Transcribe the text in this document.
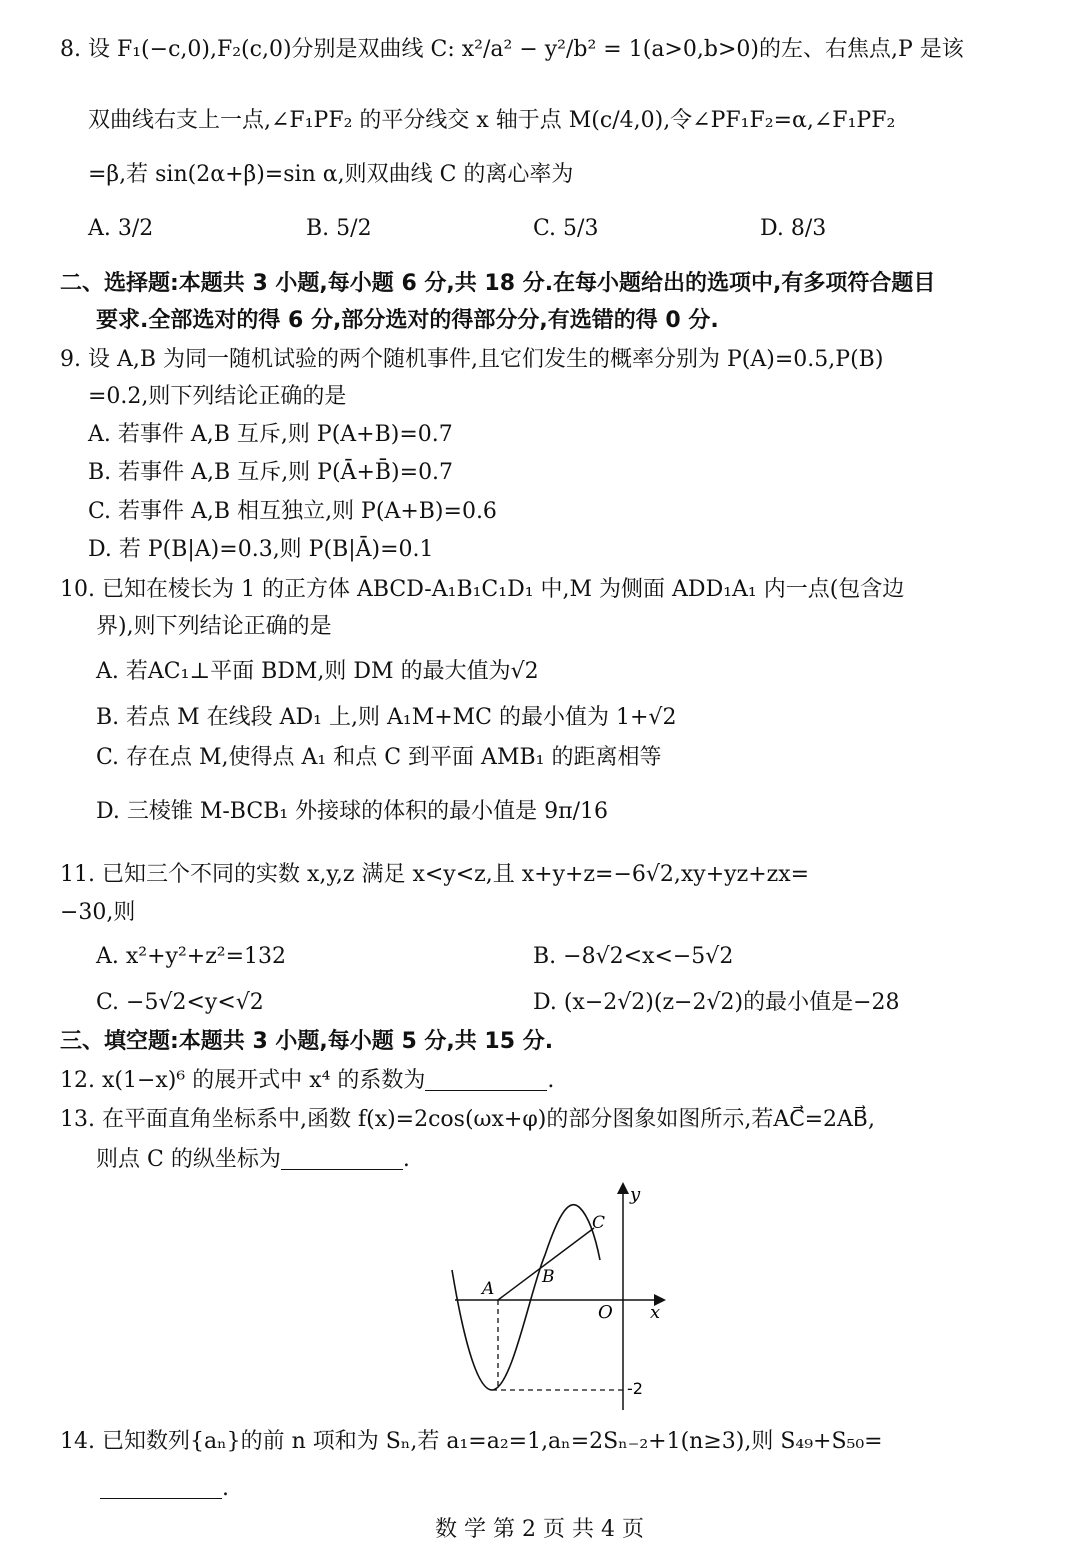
8. 设 F₁(−c,0),F₂(c,0)分别是双曲线 C: x²/a² − y²/b² = 1(a>0,b>0)的左、右焦点,P 是该
双曲线右支上一点,∠F₁PF₂ 的平分线交 x 轴于点 M(c/4,0),令∠PF₁F₂=α,∠F₁PF₂
=β,若 sin(2α+β)=sin α,则双曲线 C 的离心率为
A. 3/2	B. 5/2	C. 5/3	D. 8/3
二、选择题:本题共 3 小题,每小题 6 分,共 18 分.在每小题给出的选项中,有多项符合题目
要求.全部选对的得 6 分,部分选对的得部分分,有选错的得 0 分.
9. 设 A,B 为同一随机试验的两个随机事件,且它们发生的概率分别为 P(A)=0.5,P(B)
=0.2,则下列结论正确的是
A. 若事件 A,B 互斥,则 P(A+B)=0.7
B. 若事件 A,B 互斥,则 P(Ā+B̄)=0.7
C. 若事件 A,B 相互独立,则 P(A+B)=0.6
D. 若 P(B|A)=0.3,则 P(B|Ā)=0.1
10. 已知在棱长为 1 的正方体 ABCD-A₁B₁C₁D₁ 中,M 为侧面 ADD₁A₁ 内一点(包含边
界),则下列结论正确的是
A. 若AC₁⊥平面 BDM,则 DM 的最大值为√2
B. 若点 M 在线段 AD₁ 上,则 A₁M+MC 的最小值为 1+√2
C. 存在点 M,使得点 A₁ 和点 C 到平面 AMB₁ 的距离相等
D. 三棱锥 M-BCB₁ 外接球的体积的最小值是 9π/16
11. 已知三个不同的实数 x,y,z 满足 x<y<z,且 x+y+z=−6√2,xy+yz+zx=
−30,则
A. x²+y²+z²=132	B. −8√2<x<−5√2
C. −5√2<y<√2	D. (x−2√2)(z−2√2)的最小值是−28
三、填空题:本题共 3 小题,每小题 5 分,共 15 分.
12. x(1−x)⁶ 的展开式中 x⁴ 的系数为	.
13. 在平面直角坐标系中,函数 f(x)=2cos(ωx+φ)的部分图象如图所示,若AC⃗=2AB⃗,
则点 C 的纵坐标为	.
y
x
O
A
B
C
-2
14. 已知数列{aₙ}的前 n 项和为 Sₙ,若 a₁=a₂=1,aₙ=2Sₙ₋₂+1(n≥3),则 S₄₉+S₅₀=
.
数 学 第 2 页 共 4 页
